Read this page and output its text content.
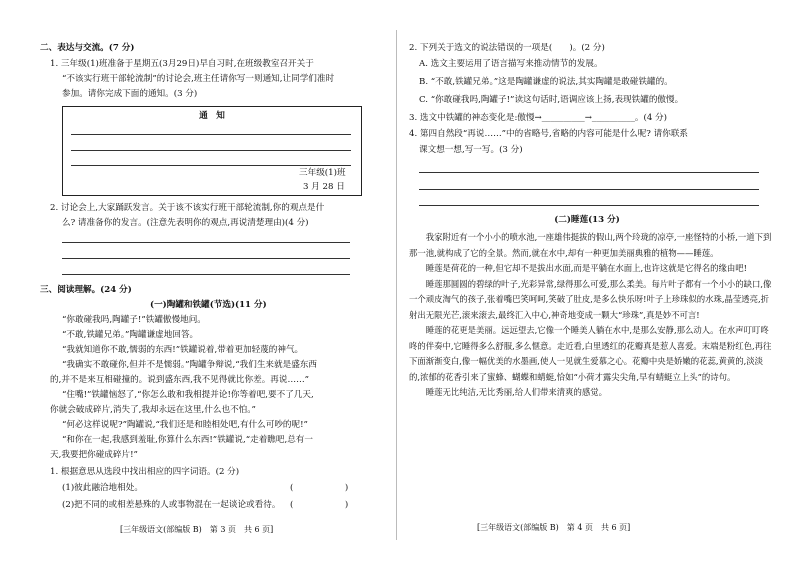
二、表达与交流。(7 分)
1. 三年级(1)班准备于星期五(3月29日)早自习时,在班级教室召开关于
“不该实行班干部轮流制”的讨论会,班主任请你写一则通知,让同学们准时
参加。请你完成下面的通知。(3 分)
通　知
三年级(1)班
3 月 28 日
2. 讨论会上,大家踊跃发言。关于该不该实行班干部轮流制,你的观点是什
么? 请准备你的发言。(注意先表明你的观点,再说清楚理由)(4 分)
三、阅读理解。(24 分)
(一)陶罐和铁罐(节选)(11 分)
“你敢碰我吗,陶罐子!”铁罐傲慢地问。
“不敢,铁罐兄弟。”陶罐谦虚地回答。
“我就知道你不敢,懦弱的东西!”铁罐说着,带着更加轻蔑的神气。
“我确实不敢碰你,但并不是懦弱。”陶罐争辩说,“我们生来就是盛东西
的,并不是来互相碰撞的。说到盛东西,我不见得就比你差。再说……”
“住嘴!”铁罐恼怒了,“你怎么敢和我相提并论!你等着吧,要不了几天,
你就会破成碎片,消失了,我却永远在这里,什么也不怕。”
“何必这样说呢?”陶罐说,“我们还是和睦相处吧,有什么可吵的呢!”
“和你在一起,我感到羞耻,你算什么东西!”铁罐说,“走着瞧吧,总有一
天,我要把你碰成碎片!”
1. 根据意思从选段中找出相应的四字词语。(2 分)
(1)彼此融洽地相处。	(　　　　　　)
(2)把不同的或相差悬殊的人或事物混在一起谈论或看待。 (　　　　　　)
[三年级语文(部编版 B)　第 3 页　共 6 页]
2. 下列关于选文的说法错误的一项是(　　)。(2 分)
A. 选文主要运用了语言描写来推动情节的发展。
B. “不敢,铁罐兄弟。”这是陶罐谦虚的说法,其实陶罐是敢碰铁罐的。
C. “你敢碰我吗,陶罐子!”读这句话时,语调应该上扬,表现铁罐的傲慢。
3. 选文中铁罐的神态变化是:傲慢→__________→__________。(4 分)
4. 第四自然段“再说……”中的省略号,省略的内容可能是什么呢? 请你联系
课文想一想,写一写。(3 分)
(二)睡莲(13 分)
　　我家附近有一个小小的喷水池,一座雄伟挺拔的假山,两个玲珑的凉亭,一座怪特的小桥,一道下到那一池,就构成了它的全景。然而,就在水中,却有一种更加美丽典雅的植物——睡莲。
　　睡莲是荷花的一种,但它却不是拔出水面,而是平躺在水面上,也许这就是它得名的缘由吧!
　　睡莲那圆圆的碧绿的叶子,光彩异常,绿得那么可爱,那么柔美。每片叶子都有一个小小的缺口,像一个顽皮淘气的孩子,张着嘴巴笑呵呵,笑破了肚皮,是多么快乐呀!叶子上珍珠似的水珠,晶莹透亮,折射出无限光芒,滚来滚去,最终汇入中心,神奇地变成一颗大“珍珠”,真是妙不可言!
　　睡莲的花更是美丽。远远望去,它像一个睡美人躺在水中,是那么安静,那么动人。在水声叮叮咚咚的伴奏中,它睡得多么舒服,多么惬意。走近看,白里透红的花瓣真是惹人喜爱。末端是粉红色,再往下面渐渐变白,像一幅优美的水墨画,使人一见就生爱慕之心。花瓣中央是娇嫩的花蕊,黄黄的,淡淡的,浓郁的花香引来了蜜蜂、蝴蝶和蜻蜓,恰如“小荷才露尖尖角,早有蜻蜓立上头”的诗句。
　　睡莲无比纯洁,无比秀丽,给人们带来清爽的感觉。
[三年级语文(部编版 B)　第 4 页　共 6 页]
